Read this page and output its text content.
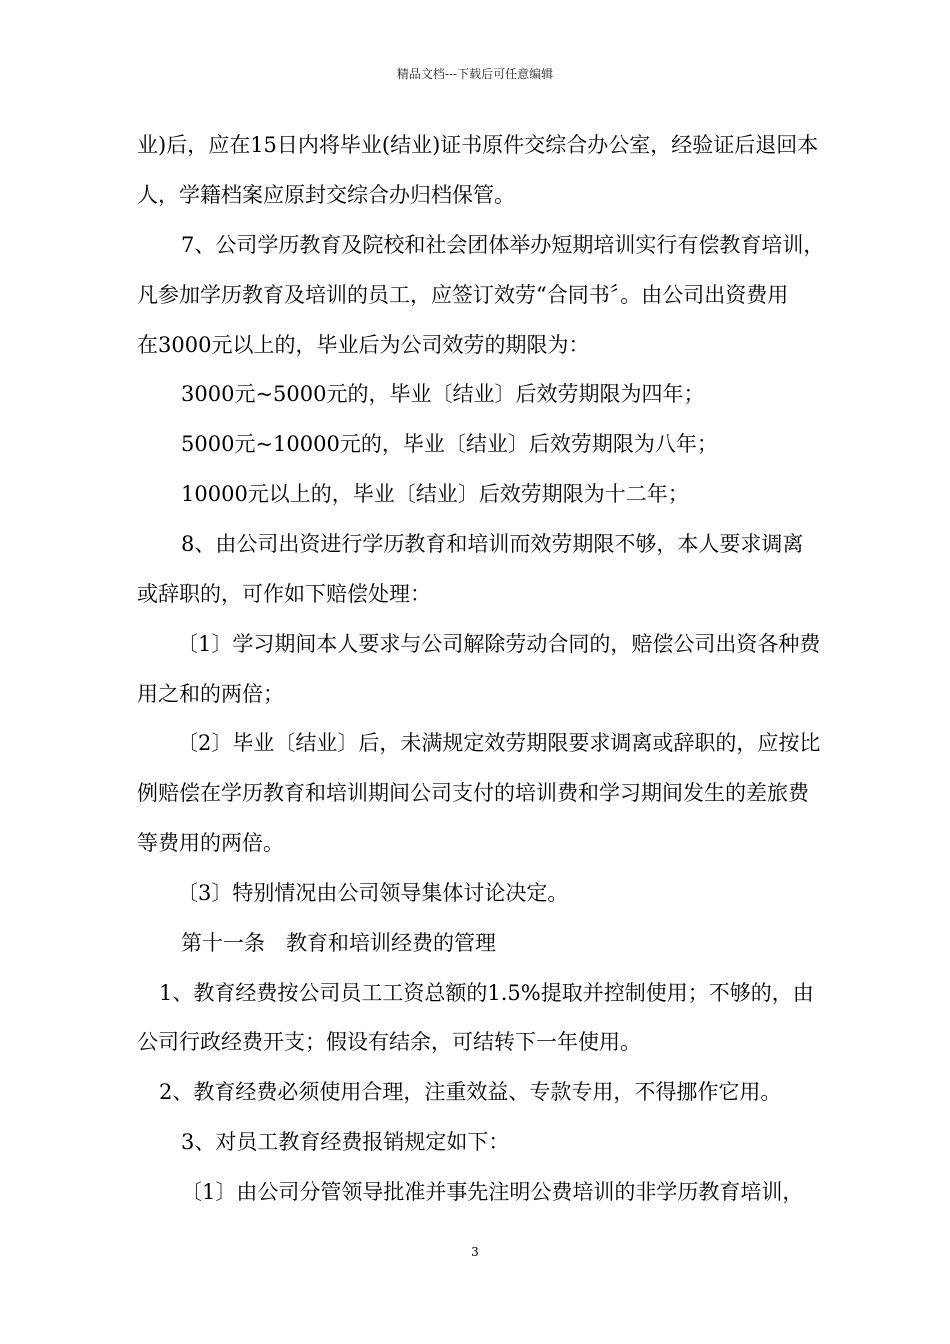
精品文档---下载后可任意编辑
业)后，应在15日内将毕业(结业)证书原件交综合办公室，经验证后退回本
人，学籍档案应原封交综合办归档保管。
7、公司学历教育及院校和社会团体举办短期培训实行有偿教育培训，
凡参加学历教育及培训的员工，应签订效劳“合同书〞。由公司出资费用
在3000元以上的，毕业后为公司效劳的期限为：
3000元~5000元的，毕业〔结业〕后效劳期限为四年；
5000元~10000元的，毕业〔结业〕后效劳期限为八年；
10000元以上的，毕业〔结业〕后效劳期限为十二年；
8、由公司出资进行学历教育和培训而效劳期限不够，本人要求调离
或辞职的，可作如下赔偿处理：
〔1〕学习期间本人要求与公司解除劳动合同的，赔偿公司出资各种费
用之和的两倍；
〔2〕毕业〔结业〕后，未满规定效劳期限要求调离或辞职的，应按比
例赔偿在学历教育和培训期间公司支付的培训费和学习期间发生的差旅费
等费用的两倍。
〔3〕特别情况由公司领导集体讨论决定。
第十一条　教育和培训经费的管理
1、教育经费按公司员工工资总额的1.5%提取并控制使用；不够的，由
公司行政经费开支；假设有结余，可结转下一年使用。
2、教育经费必须使用合理，注重效益、专款专用，不得挪作它用。
3、对员工教育经费报销规定如下：
〔1〕由公司分管领导批准并事先注明公费培训的非学历教育培训，
3
